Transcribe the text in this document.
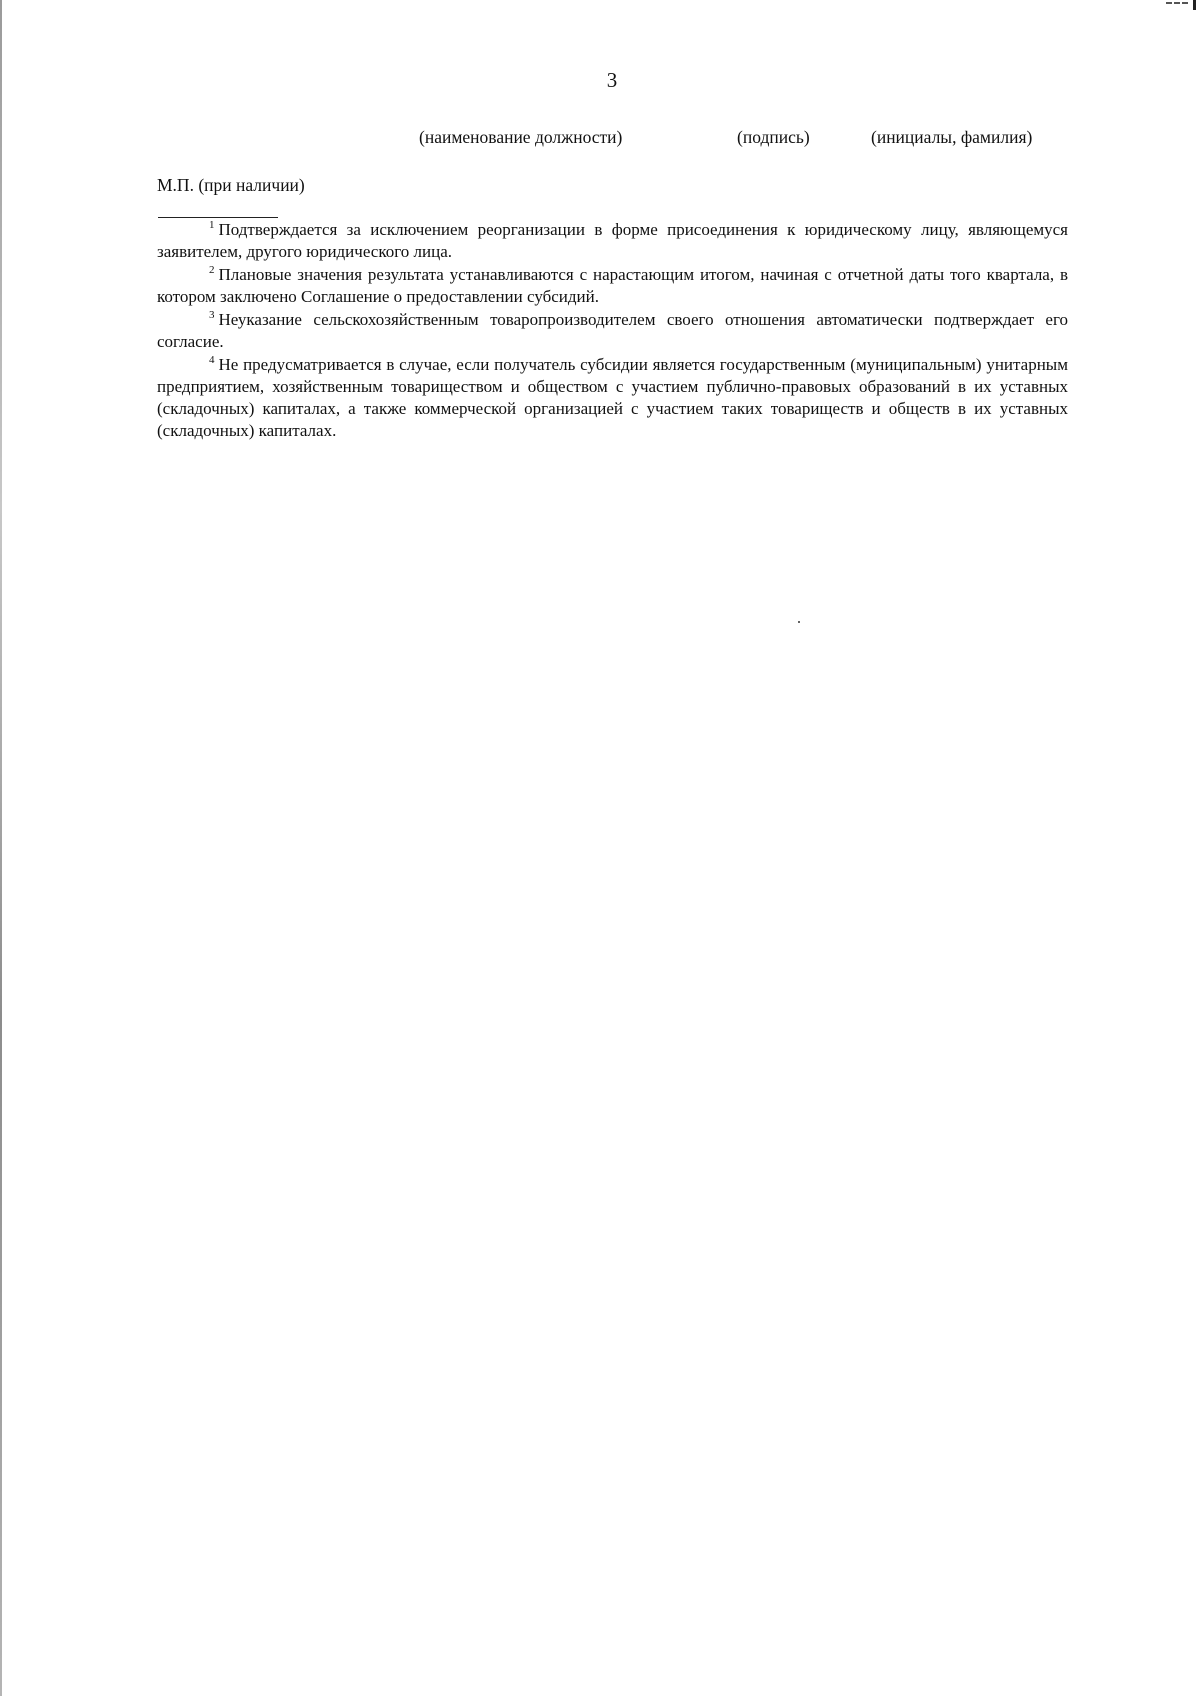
3
(наименование должности)	(подпись)	(инициалы, фамилия)
М.П. (при наличии)

$^1$ Подтверждается за исключением реорганизации в форме присоединения к юридическому лицу, являющемуся заявителем, другого юридического лица.

$^2$ Плановые значения результата устанавливаются с нарастающим итогом, начиная с отчетной даты того квартала, в котором заключено Соглашение о предоставлении субсидий.

$^3$ Неуказание сельскохозяйственным товаропроизводителем своего отношения автоматически подтверждает его согласие.

$^4$ Не предусматривается в случае, если получатель субсидии является государственным (муниципальным) унитарным предприятием, хозяйственным товариществом и обществом с участием публично-правовых образований в их уставных (складочных) капиталах, а также коммерческой организацией с участием таких товариществ и обществ в их уставных (складочных) капиталах.
